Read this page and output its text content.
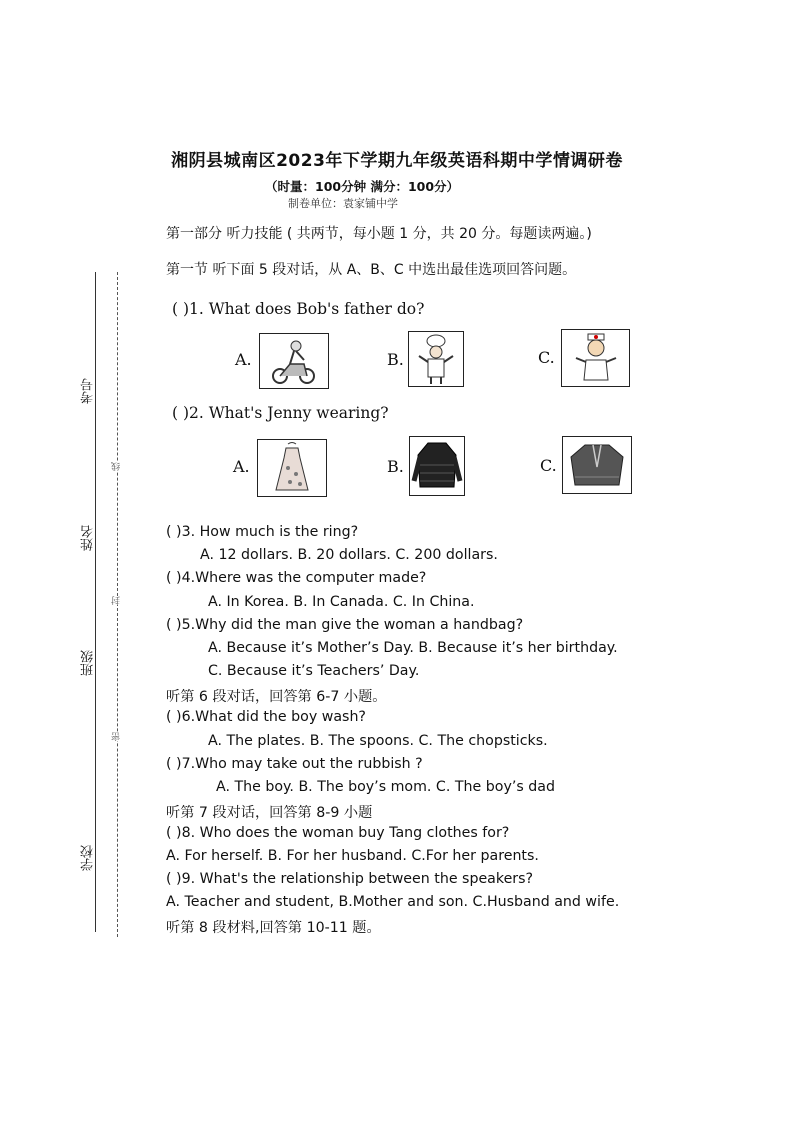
考号
姓名
班级
学校
线
封
密
湘阴县城南区2023年下学期九年级英语科期中学情调研卷
（时量：100分钟 满分：100分）
制卷单位：袁家铺中学
第一部分 听力技能 ( 共两节，每小题 1 分，共 20 分。每题读两遍。)
第一节 听下面 5 段对话，从 A、B、C 中选出最佳选项回答问题。
( )1. What does Bob's father do?
A.	B.	C.
( )2. What's Jenny wearing?
A.	B.	C.
( )3. How much is the ring?
A. 12 dollars. B. 20 dollars. C. 200 dollars.
( )4.Where was the computer made?
A. In Korea. B. In Canada. C. In China.
( )5.Why did the man give the woman a handbag?
A. Because it’s Mother’s Day. B. Because it’s her birthday.
C. Because it’s Teachers’ Day.
听第 6 段对话，回答第 6-7 小题。
( )6.What did the boy wash?
A. The plates. B. The spoons. C. The chopsticks.
( )7.Who may take out the rubbish ?
A. The boy. B. The boy’s mom. C. The boy’s dad
听第 7 段对话，回答第 8-9 小题
( )8. Who does the woman buy Tang clothes for?
A. For herself. B. For her husband. C.For her parents.
( )9. What's the relationship between the speakers?
A. Teacher and student, B.Mother and son. C.Husband and wife.
听第 8 段材料,回答第 10-11 题。
